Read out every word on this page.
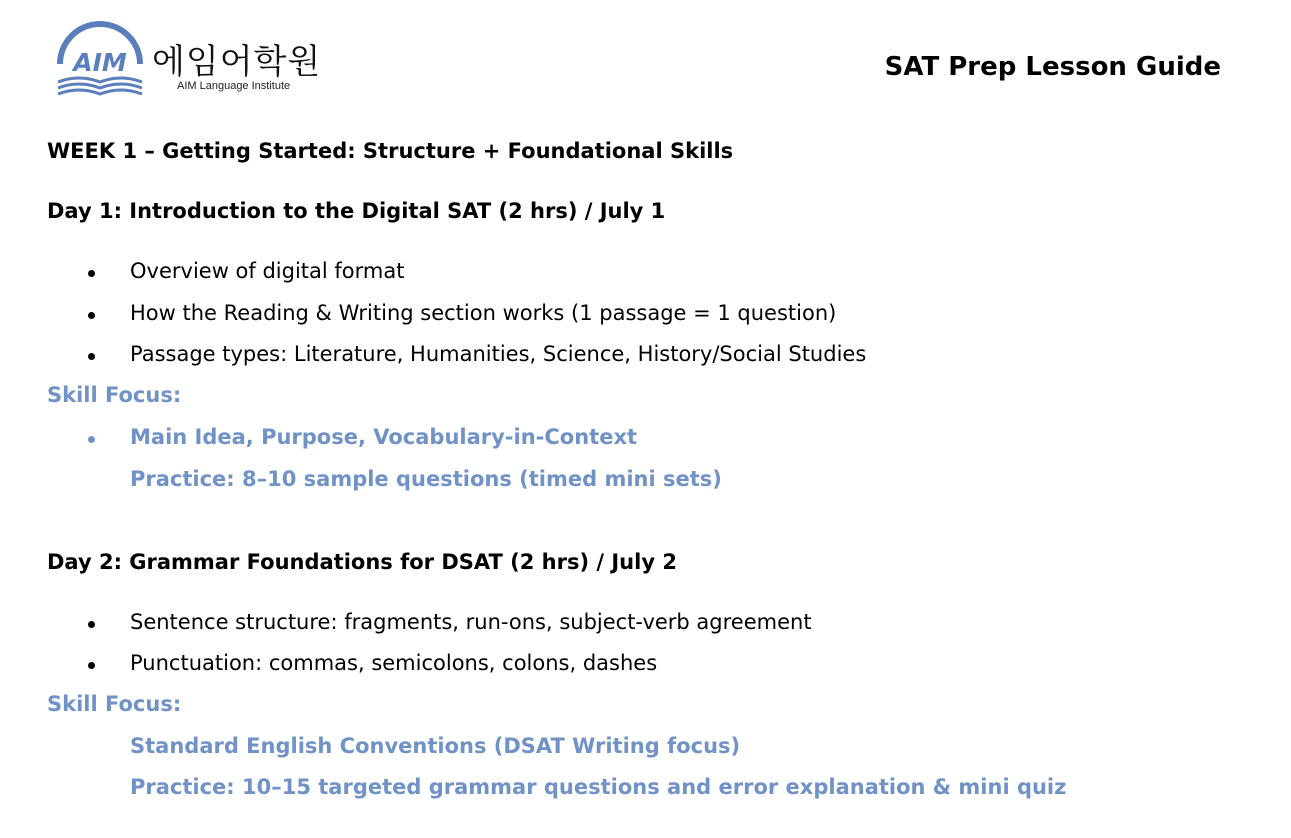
AIM 에임어학원
AIM Language Institute
SAT Prep Lesson Guide

WEEK 1 – Getting Started: Structure + Foundational Skills

Day 1: Introduction to the Digital SAT (2 hrs) / July 1

Overview of digital format

How the Reading & Writing section works (1 passage = 1 question)

Passage types: Literature, Humanities, Science, History/Social Studies

Skill Focus:

Main Idea, Purpose, Vocabulary-in-Context

Practice: 8–10 sample questions (timed mini sets)

Day 2: Grammar Foundations for DSAT (2 hrs) / July 2

Sentence structure: fragments, run-ons, subject-verb agreement

Punctuation: commas, semicolons, colons, dashes

Skill Focus:

Standard English Conventions (DSAT Writing focus)

Practice: 10–15 targeted grammar questions and error explanation & mini quiz
